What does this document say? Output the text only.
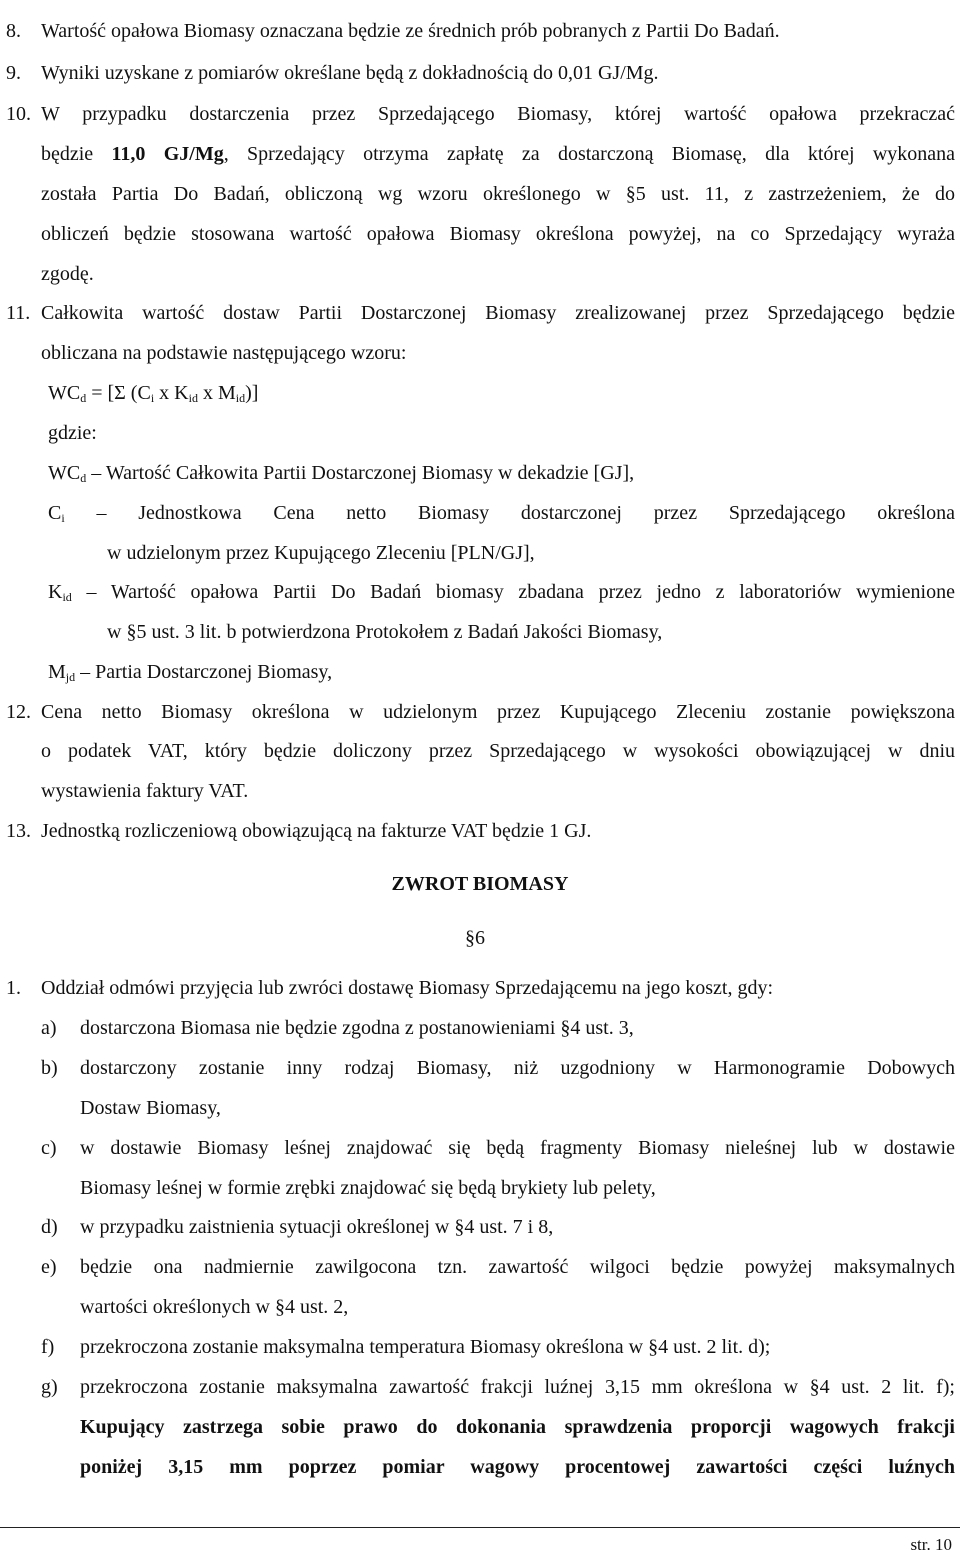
8. Wartość opałowa Biomasy oznaczana będzie ze średnich prób pobranych z Partii Do Badań.
9. Wyniki uzyskane z pomiarów określane będą z dokładnością do 0,01 GJ/Mg.
10. W przypadku dostarczenia przez Sprzedającego Biomasy, której wartość opałowa przekraczać
będzie 11,0 GJ/Mg, Sprzedający otrzyma zapłatę za dostarczoną Biomasę, dla której wykonana
została Partia Do Badań, obliczoną wg wzoru określonego w §5 ust. 11, z zastrzeżeniem, że do
obliczeń będzie stosowana wartość opałowa Biomasy określona powyżej, na co Sprzedający wyraża
zgodę.
11. Całkowita wartość dostaw Partii Dostarczonej Biomasy zrealizowanej przez Sprzedającego będzie
obliczana na podstawie następującego wzoru:
$WC_d = [\Sigma$ ($C_i$ x $K_{id}$ x $M_{id}$)]
gdzie:
$WC_d$ – Wartość Całkowita Partii Dostarczonej Biomasy w dekadzie [GJ],
$C_i$ – Jednostkowa Cena netto Biomasy dostarczonej przez Sprzedającego określona
w udzielonym przez Kupującego Zleceniu [PLN/GJ],
$K_{id}$ – Wartość opałowa Partii Do Badań biomasy zbadana przez jedno z laboratoriów wymienione
w §5 ust. 3 lit. b potwierdzona Protokołem z Badań Jakości Biomasy,
$M_{jd}$ – Partia Dostarczonej Biomasy,
12. Cena netto Biomasy określona w udzielonym przez Kupującego Zleceniu zostanie powiększona
o podatek VAT, który będzie doliczony przez Sprzedającego w wysokości obowiązującej w dniu
wystawienia faktury VAT.
13. Jednostką rozliczeniową obowiązującą na fakturze VAT będzie 1 GJ.
ZWROT BIOMASY
§6
1. Oddział odmówi przyjęcia lub zwróci dostawę Biomasy Sprzedającemu na jego koszt, gdy:
a) dostarczona Biomasa nie będzie zgodna z postanowieniami §4 ust. 3,
b) dostarczony zostanie inny rodzaj Biomasy, niż uzgodniony w Harmonogramie Dobowych
Dostaw Biomasy,
c) w dostawie Biomasy leśnej znajdować się będą fragmenty Biomasy nieleśnej lub w dostawie
Biomasy leśnej w formie zrębki znajdować się będą brykiety lub pelety,
d) w przypadku zaistnienia sytuacji określonej w §4 ust. 7 i 8,
e) będzie ona nadmiernie zawilgocona tzn. zawartość wilgoci będzie powyżej maksymalnych
wartości określonych w §4 ust. 2,
f) przekroczona zostanie maksymalna temperatura Biomasy określona w §4 ust. 2 lit. d);
g) przekroczona zostanie maksymalna zawartość frakcji luźnej 3,15 mm określona w §4 ust. 2 lit. f);
Kupujący zastrzega sobie prawo do dokonania sprawdzenia proporcji wagowych frakcji
poniżej 3,15 mm poprzez pomiar wagowy procentowej zawartości części luźnych
str. 10
